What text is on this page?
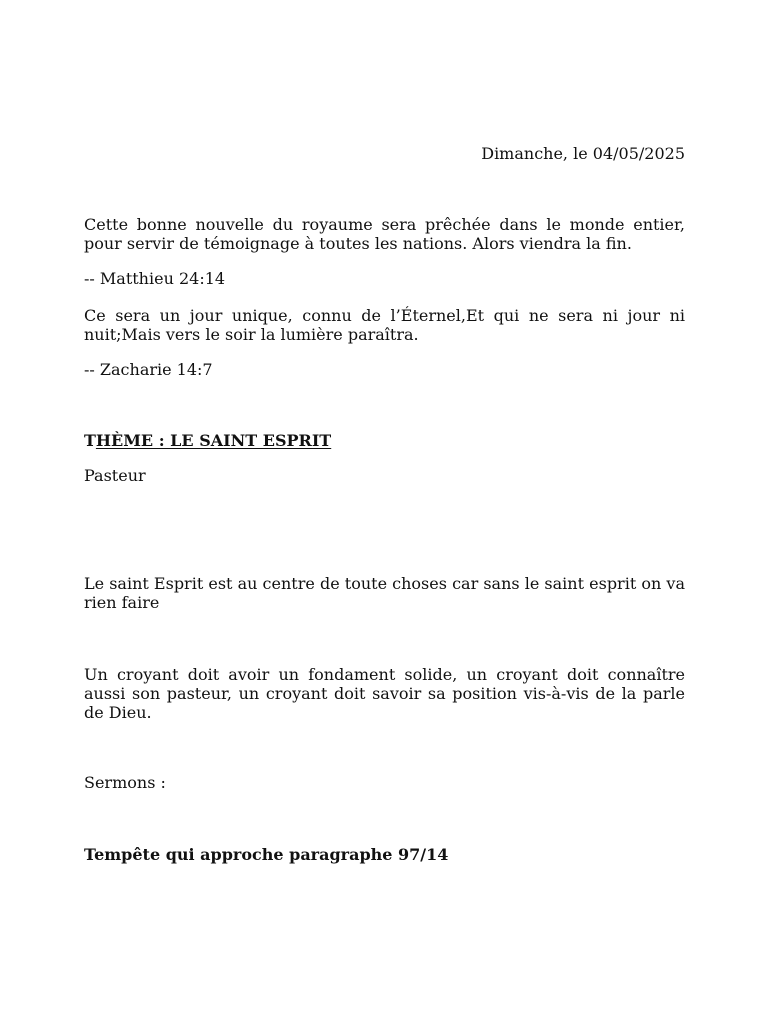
Dimanche, le 04/05/2025

Cette bonne nouvelle du royaume sera prêchée dans le monde entier, pour servir de témoignage à toutes les nations. Alors viendra la fin.

-- Matthieu 24:14

Ce sera un jour unique, connu de l’Éternel,Et qui ne sera ni jour ni nuit;Mais vers le soir la lumière paraîtra.

-- Zacharie 14:7

THÈME : LE SAINT ESPRIT

Pasteur

Le saint Esprit est au centre de toute choses car sans le saint esprit on va rien faire

Un croyant doit avoir un fondament solide, un croyant doit connaître aussi son pasteur, un croyant doit savoir sa position vis-à-vis de la parle de Dieu.

Sermons :

Tempête qui approche paragraphe 97/14
